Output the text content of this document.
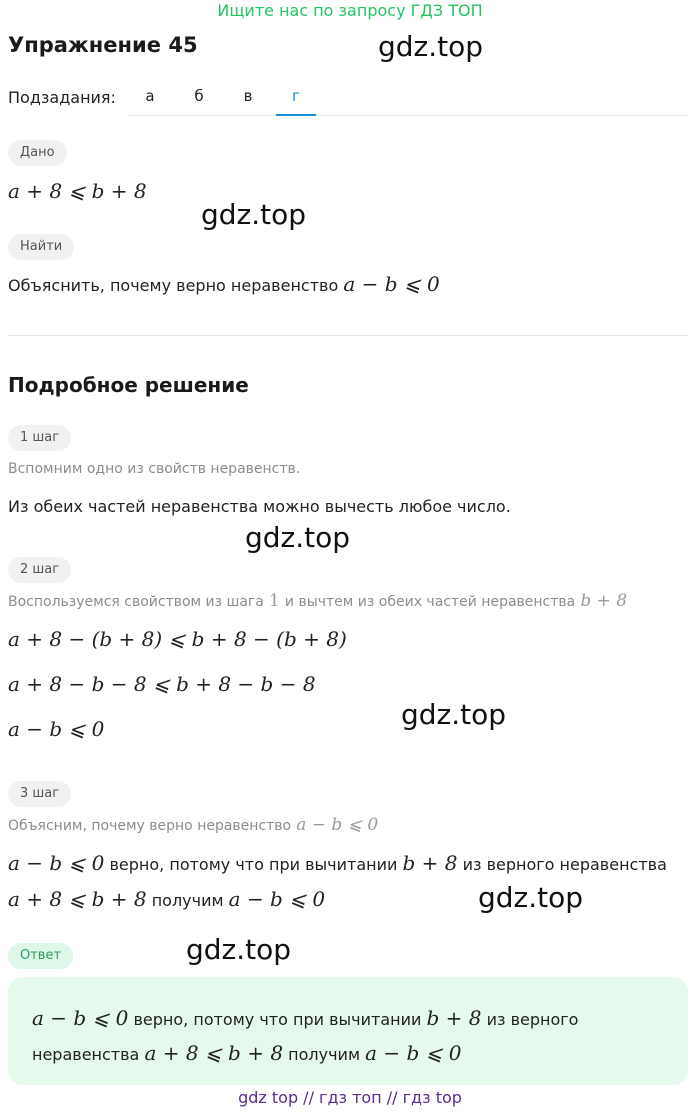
Ищите нас по запросу ГДЗ ТОП
Упражнение 45	gdz.top
gdz.top
gdz.top
gdz.top
gdz.top
gdz.top
Подзадания:	а	б	в	г
Дано
a + 8 ⩽ b + 8
Найти
Объяснить, почему верно неравенство a − b ⩽ 0
Подробное решение
1 шаг
Вспомним одно из свойств неравенств.
Из обеих частей неравенства можно вычесть любое число.
2 шаг
Воспользуемся свойством из шага 1 и вычтем из обеих частей неравенства b + 8
a + 8 − (b + 8) ⩽ b + 8 − (b + 8)
a + 8 − b − 8 ⩽ b + 8 − b − 8
a − b ⩽ 0
3 шаг
Объясним, почему верно неравенство a − b ⩽ 0
a − b ⩽ 0 верно, потому что при вычитании b + 8 из верного неравенства
a + 8 ⩽ b + 8 получим a − b ⩽ 0
Ответ
a − b ⩽ 0 верно, потому что при вычитании b + 8 из верного
неравенства a + 8 ⩽ b + 8 получим a − b ⩽ 0
gdz top // гдз топ // гдз top
